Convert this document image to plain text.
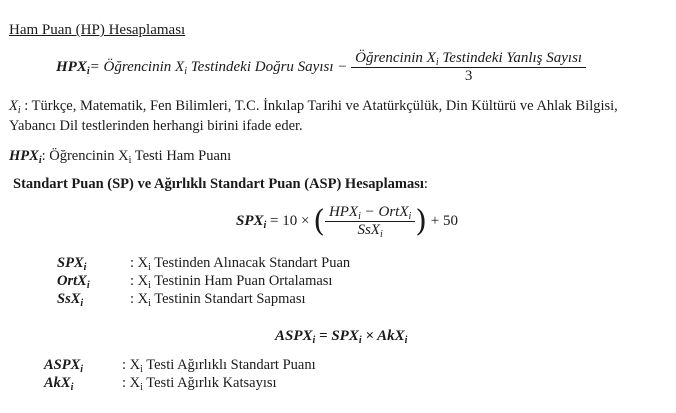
Ham Puan (HP) Hesaplaması
$HPX_i=$ Öğrencinin $X_i$ Testindeki Doğru Sayısı − $\frac{Öğrencinin X_i Testindeki Yanlış Sayısı}{3}$
$X_i$ : Türkçe, Matematik, Fen Bilimleri, T.C. İnkılap Tarihi ve Atatürkçülük, Din Kültürü ve Ahlak Bilgisi,
Yabancı Dil testlerinden herhangi birini ifade eder.
$HPX_i$: Öğrencinin $X_i$ Testi Ham Puanı
Standart Puan (SP) ve Ağırlıklı Standart Puan (ASP) Hesaplaması:
$SPX_i = 10$ × ( $\frac{HPX_i - OrtX_i}{SsX_i}$ ) + 50
$SPX_i$	: $X_i$ Testinden Alınacak Standart Puan
OrtX$_i$	: $X_i$ Testinin Ham Puan Ortalaması
SsX$_i$	: $X_i$ Testinin Standart Sapması
$ASPX_i = SPX_i \times AkX_i$
$ASPX_i$	: $X_i$ Testi Ağırlıklı Standart Puanı
AkX$_i$	: $X_i$ Testi Ağırlık Katsayısı
